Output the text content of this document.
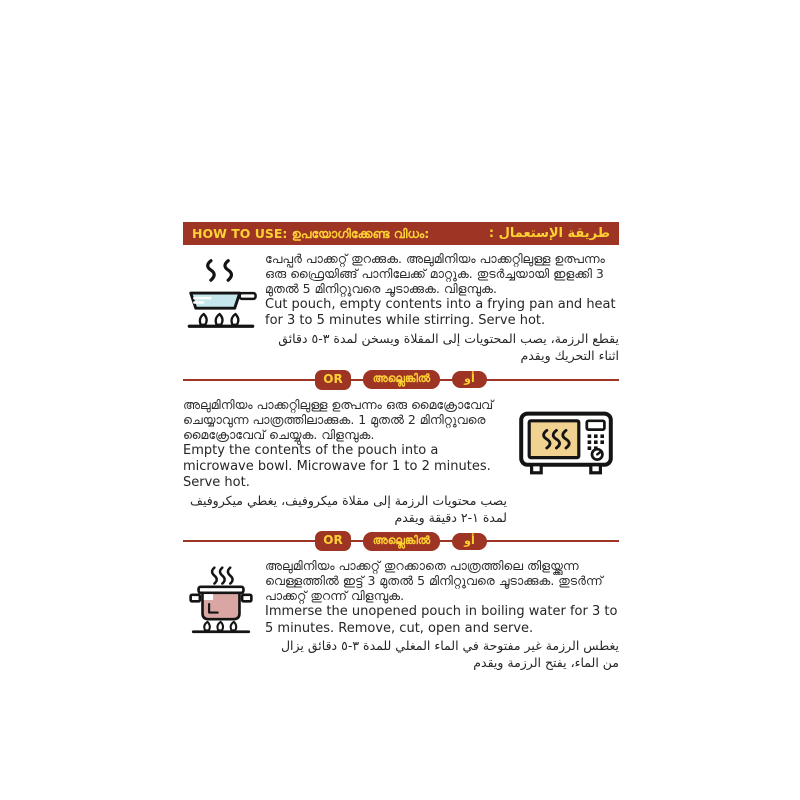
HOW TO USE: ഉപയോഗിക്കേണ്ട വിധം:	طريقة الإستعمال :
പേപ്പർ പാക്കറ്റ് തുറക്കുക. അലുമിനിയം പാക്കറ്റിലുള്ള ഉത്പന്നം ഒരു ഫ്രൈയിങ്ങ് പാനിലേക്ക് മാറ്റുക. തുടർച്ചയായി ഇളക്കി 3 മുതൽ 5 മിനിറ്റുവരെ ചൂടാക്കുക. വിളമ്പുക.
Cut pouch, empty contents into a frying pan and heat for 3 to 5 minutes while stirring. Serve hot.
يقطع الرزمة، يصب المحتويات إلى المقلاة ويسخن لمدة ٣-٥ دقائق اثناء التحريك ويقدم
OR	അല്ലെങ്കിൽ	أو
അലുമിനിയം പാക്കറ്റിലുള്ള ഉത്പന്നം ഒരു മൈക്രോവേവ് ചെയ്യാവുന്ന പാത്രത്തിലാക്കുക. 1 മുതൽ 2 മിനിറ്റുവരെ മൈക്രോവേവ് ചെയ്യുക. വിളമ്പുക.
Empty the contents of the pouch into a microwave bowl. Microwave for 1 to 2 minutes. Serve hot.
يصب محتويات الرزمة إلى مقلاة ميكروفيف، يغطي ميكروفيف لمدة ١-٢ دقيقة ويقدم
OR	അല്ലെങ്കിൽ	أو
അലുമിനിയം പാക്കറ്റ് തുറക്കാതെ പാത്രത്തിലെ തിളയ്ക്കുന്ന വെള്ളത്തിൽ ഇട്ട് 3 മുതൽ 5 മിനിറ്റുവരെ ചൂടാക്കുക. തുടർന്ന് പാക്കറ്റ് തുറന്ന് വിളമ്പുക.
Immerse the unopened pouch in boiling water for 3 to 5 minutes. Remove, cut, open and serve.
يغطس الرزمة غير مفتوحة في الماء المغلي للمدة ٣-٥ دقائق يزال من الماء، يفتح الرزمة ويقدم
